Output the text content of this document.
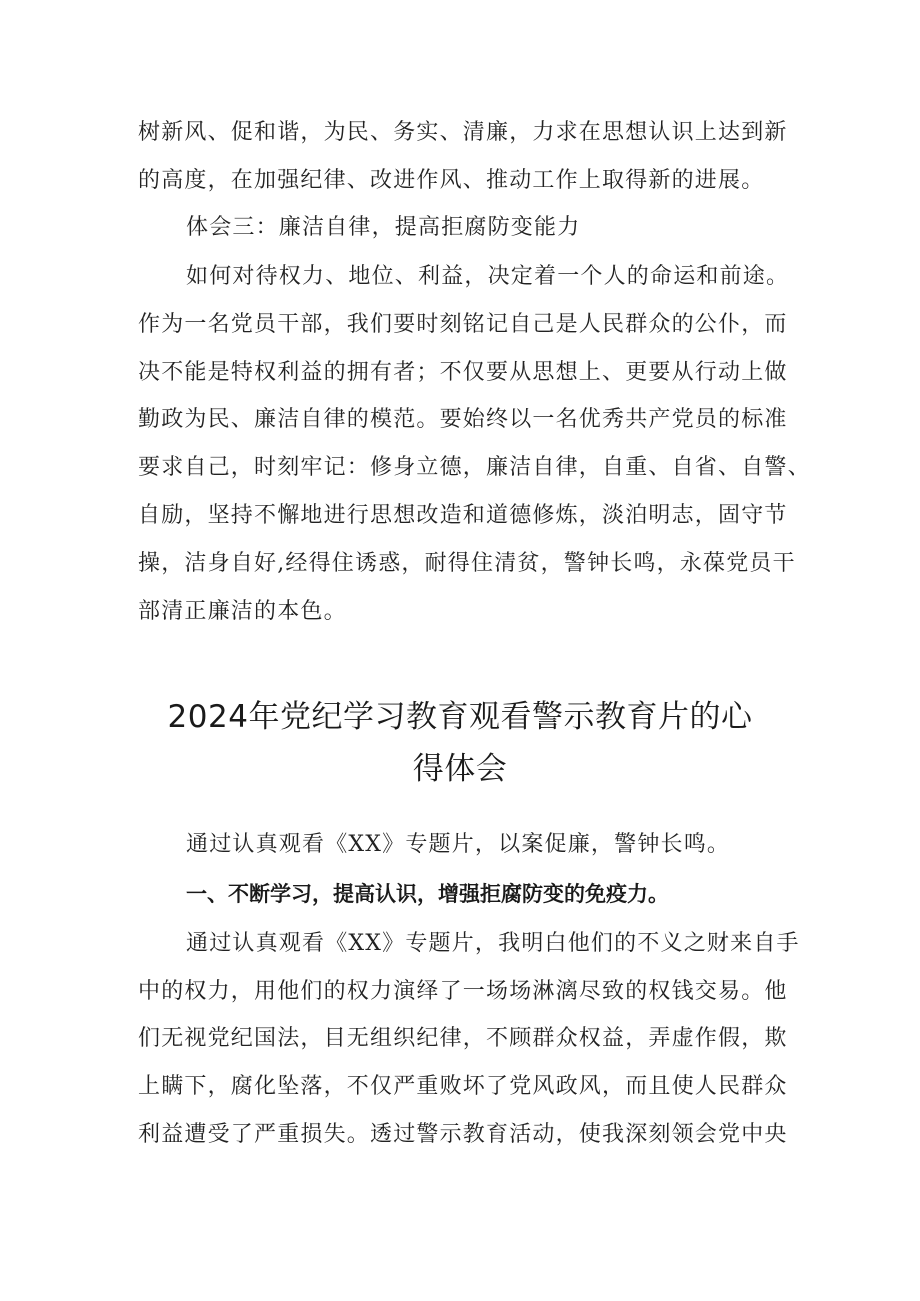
树新风、促和谐，为民、务实、清廉，力求在思想认识上达到新
的高度，在加强纪律、改进作风、推动工作上取得新的进展。
体会三：廉洁自律，提高拒腐防变能力
如何对待权力、地位、利益，决定着一个人的命运和前途。
作为一名党员干部，我们要时刻铭记自己是人民群众的公仆，而
决不能是特权利益的拥有者；不仅要从思想上、更要从行动上做
勤政为民、廉洁自律的模范。要始终以一名优秀共产党员的标准
要求自己，时刻牢记：修身立德，廉洁自律，自重、自省、自警、
自励，坚持不懈地进行思想改造和道德修炼，淡泊明志，固守节
操，洁身自好,经得住诱惑，耐得住清贫，警钟长鸣，永葆党员干
部清正廉洁的本色。
2024年党纪学习教育观看警示教育片的心
得体会
通过认真观看《XX》专题片，以案促廉，警钟长鸣。
一、不断学习，提高认识，增强拒腐防变的免疫力。
通过认真观看《XX》专题片，我明白他们的不义之财来自手
中的权力，用他们的权力演绎了一场场淋漓尽致的权钱交易。他
们无视党纪国法，目无组织纪律，不顾群众权益，弄虚作假，欺
上瞒下，腐化坠落，不仅严重败坏了党风政风，而且使人民群众
利益遭受了严重损失。透过警示教育活动，使我深刻领会党中央
